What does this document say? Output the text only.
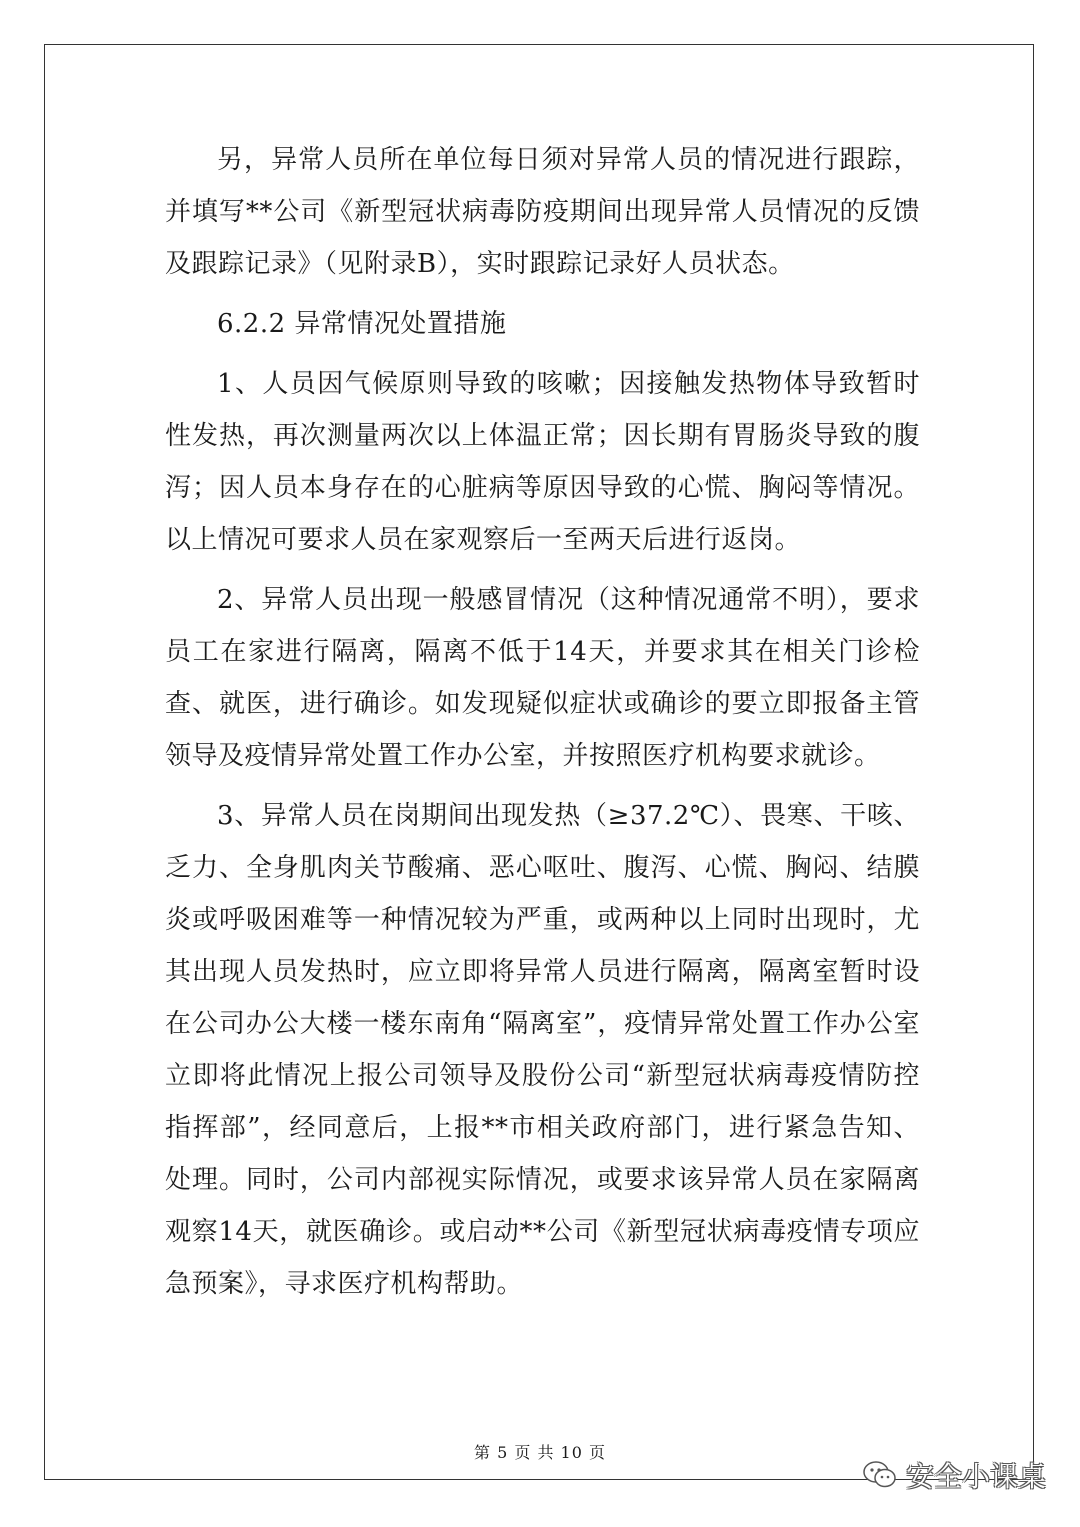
另，异常人员所在单位每日须对异常人员的情况进行跟踪，并填写**公司《新型冠状病毒防疫期间出现异常人员情况的反馈及跟踪记录》（见附录B），实时跟踪记录好人员状态。

6.2.2 异常情况处置措施

1、人员因气候原则导致的咳嗽；因接触发热物体导致暂时性发热，再次测量两次以上体温正常；因长期有胃肠炎导致的腹泻；因人员本身存在的心脏病等原因导致的心慌、胸闷等情况。以上情况可要求人员在家观察后一至两天后进行返岗。

2、异常人员出现一般感冒情况（这种情况通常不明），要求员工在家进行隔离，隔离不低于14天，并要求其在相关门诊检查、就医，进行确诊。如发现疑似症状或确诊的要立即报备主管领导及疫情异常处置工作办公室，并按照医疗机构要求就诊。

3、异常人员在岗期间出现发热（≥37.2℃）、畏寒、干咳、乏力、全身肌肉关节酸痛、恶心呕吐、腹泻、心慌、胸闷、结膜炎或呼吸困难等一种情况较为严重，或两种以上同时出现时，尤其出现人员发热时，应立即将异常人员进行隔离，隔离室暂时设在公司办公大楼一楼东南角“隔离室”，疫情异常处置工作办公室立即将此情况上报公司领导及股份公司“新型冠状病毒疫情防控指挥部”，经同意后，上报**市相关政府部门，进行紧急告知、处理。同时，公司内部视实际情况，或要求该异常人员在家隔离观察14天，就医确诊。或启动**公司《新型冠状病毒疫情专项应急预案》，寻求医疗机构帮助。

第 5 页 共 10 页
安全小课桌
